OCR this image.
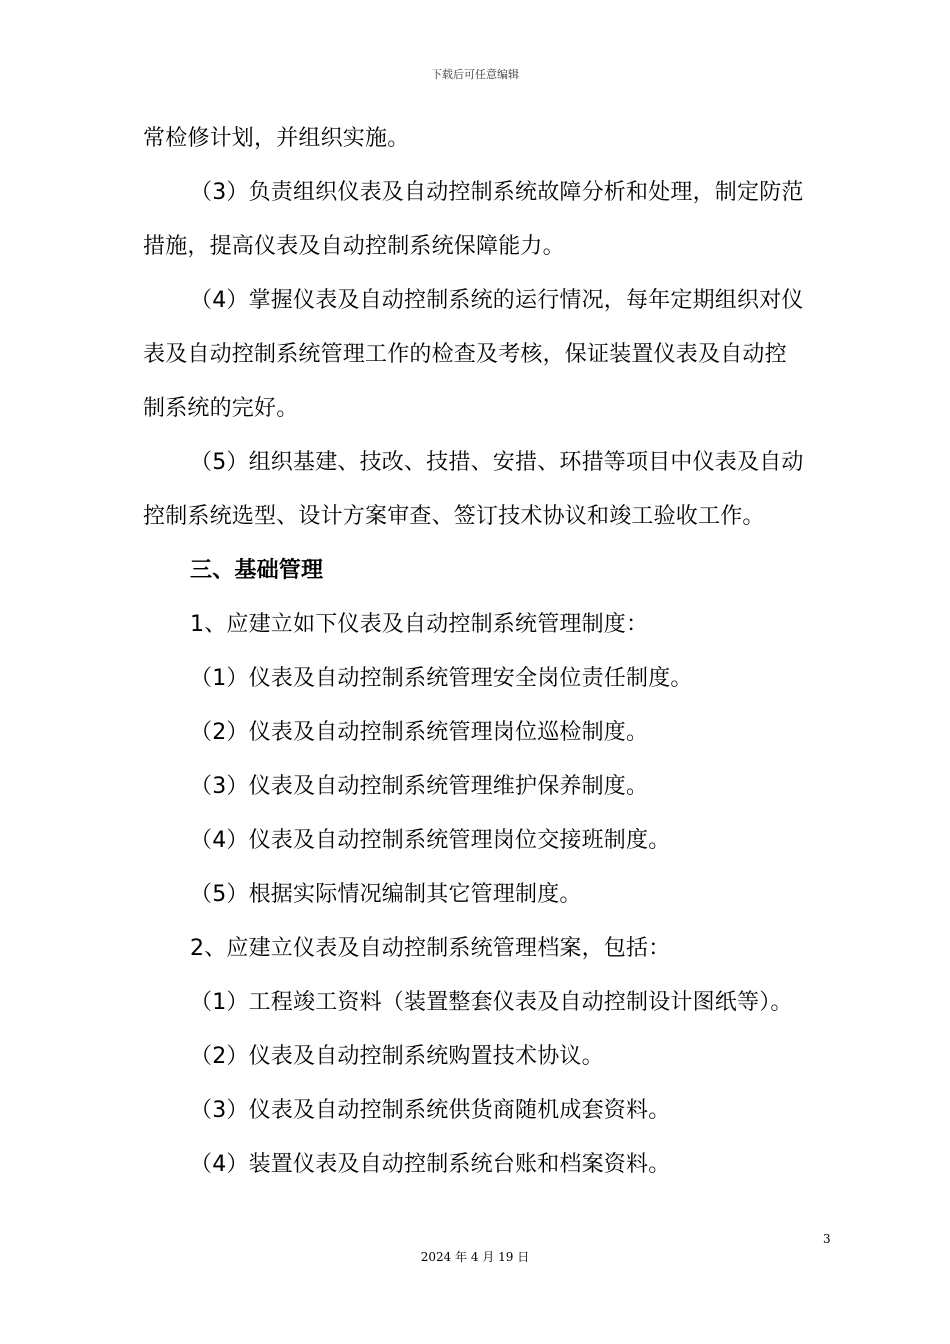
下载后可任意编辑
常检修计划，并组织实施。
（3）负责组织仪表及自动控制系统故障分析和处理，制定防范
措施，提高仪表及自动控制系统保障能力。
（4）掌握仪表及自动控制系统的运行情况，每年定期组织对仪
表及自动控制系统管理工作的检查及考核，保证装置仪表及自动控
制系统的完好。
（5）组织基建、技改、技措、安措、环措等项目中仪表及自动
控制系统选型、设计方案审查、签订技术协议和竣工验收工作。
三、基础管理
1、应建立如下仪表及自动控制系统管理制度：
（1）仪表及自动控制系统管理安全岗位责任制度。
（2）仪表及自动控制系统管理岗位巡检制度。
（3）仪表及自动控制系统管理维护保养制度。
（4）仪表及自动控制系统管理岗位交接班制度。
（5）根据实际情况编制其它管理制度。
2、应建立仪表及自动控制系统管理档案，包括：
（1）工程竣工资料（装置整套仪表及自动控制设计图纸等）。
（2）仪表及自动控制系统购置技术协议。
（3）仪表及自动控制系统供货商随机成套资料。
（4）装置仪表及自动控制系统台账和档案资料。
3
2024 年 4 月 19 日
